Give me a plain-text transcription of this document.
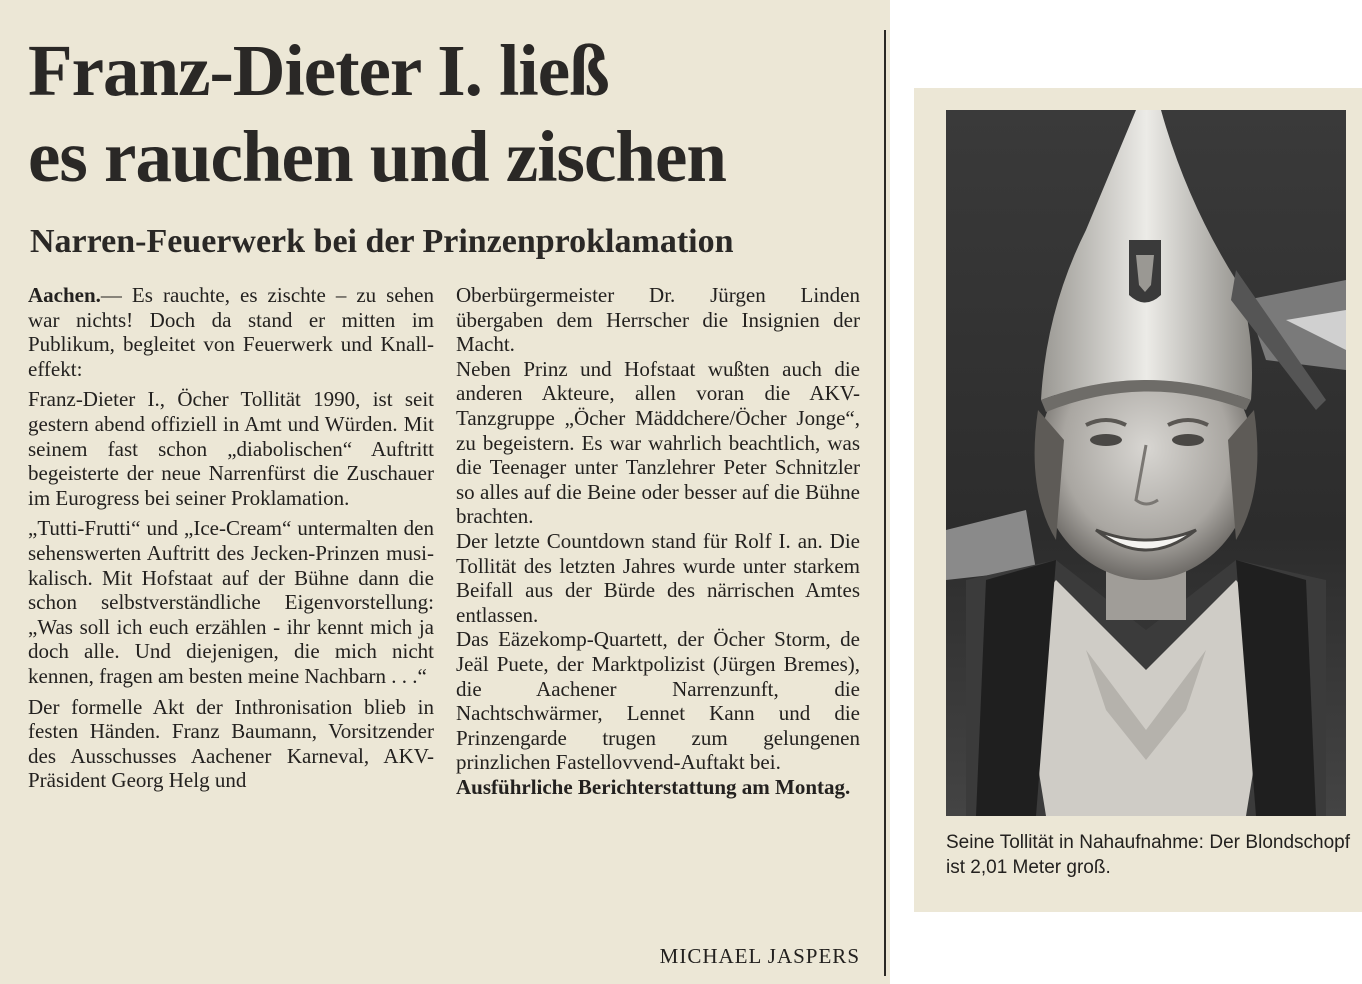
Franz-Dieter I. ließ
es rauchen und zischen
Narren-Feuerwerk bei der Prinzenproklamation

Aachen.— Es rauchte, es zischte – zu sehen war nichts! Doch da stand er mitten im Publikum, begleitet von Feuerwerk und Knalleffekt:

Franz-Dieter I., Öcher Tollität 1990, ist seit gestern abend offiziell in Amt und Würden. Mit seinem fast schon „diabolischen“ Auftritt begeisterte der neue Narrenfürst die Zuschauer im Eurogress bei seiner Proklamation.

„Tutti-Frutti“ und „Ice-Cream“ untermalten den sehenswerten Auftritt des Jecken-Prinzen musikalisch. Mit Hofstaat auf der Bühne dann die schon selbstverständliche Eigenvorstellung: „Was soll ich euch erzählen - ihr kennt mich ja doch alle. Und diejenigen, die mich nicht kennen, fragen am besten meine Nachbarn . . .“

Der formelle Akt der Inthronisation blieb in festen Händen. Franz Baumann, Vorsitzender des Ausschusses Aachener Karneval, AKV-Präsident Georg Helg und

Oberbürgermeister Dr. Jürgen Linden übergaben dem Herrscher die Insignien der Macht.

Neben Prinz und Hofstaat wußten auch die anderen Akteure, allen voran die AKV-Tanzgruppe „Öcher Mäddchere/Öcher Jonge“, zu begeistern. Es war wahrlich beachtlich, was die Teenager unter Tanzlehrer Peter Schnitzler so alles auf die Beine oder besser auf die Bühne brachten.

Der letzte Countdown stand für Rolf I. an. Die Tollität des letzten Jahres wurde unter starkem Beifall aus der Bürde des närrischen Amtes entlassen.

Das Eäzekomp-Quartett, der Öcher Storm, de Jeäl Puete, der Marktpolizist (Jürgen Bremes), die Aachener Narrenzunft, die Nachtschwärmer, Lennet Kann und die Prinzengarde trugen zum gelungenen prinzlichen Fastellovvend-Auftakt bei.

Ausführliche Berichterstattung am Montag.

MICHAEL JASPERS

Seine Tollität in Nahaufnahme: Der Blondschopf ist 2,01 Meter groß.
